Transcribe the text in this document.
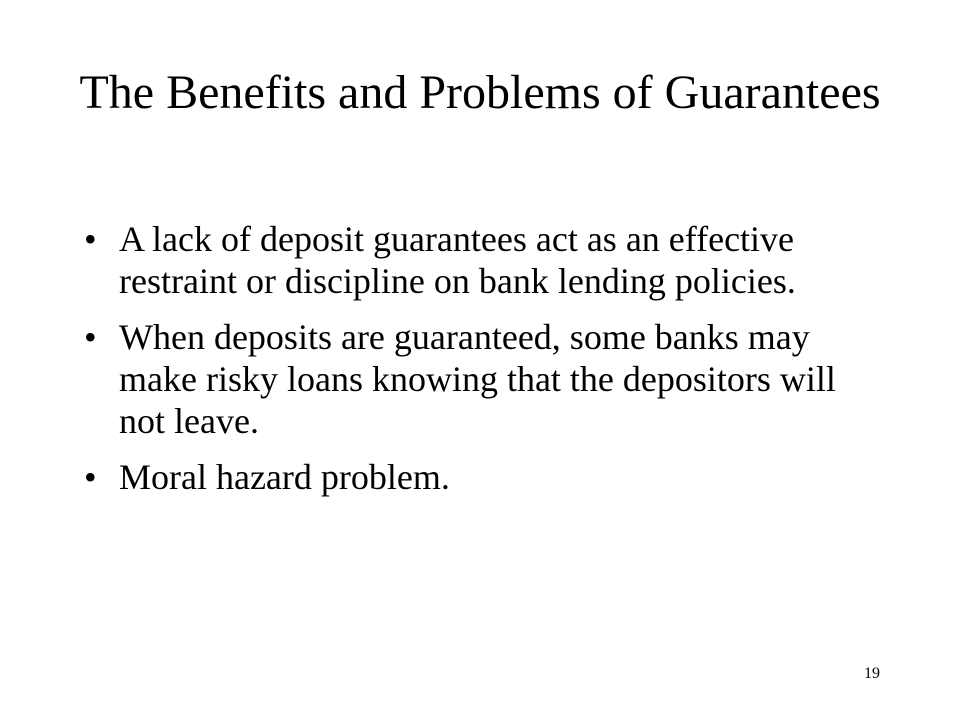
The Benefits and Problems of Guarantees
• A lack of deposit guarantees act as an effective restraint or discipline on bank lending policies.
• When deposits are guaranteed, some banks may make risky loans knowing that the depositors will not leave.
• Moral hazard problem.
19
